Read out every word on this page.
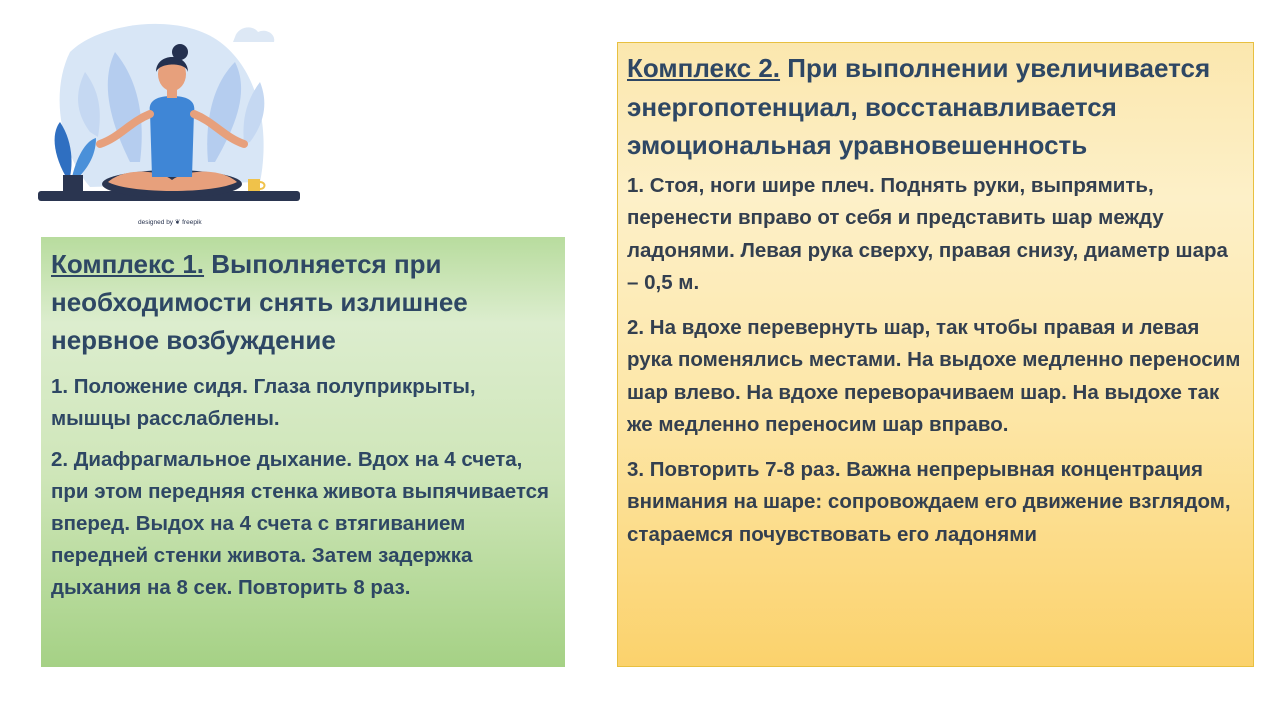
designed by ❦ freepik
Комплекс 1. Выполняется при необходимости снять излишнее нервное возбуждение
1. Положение сидя. Глаза полуприкрыты, мышцы расслаблены.
2. Диафрагмальное дыхание. Вдох на 4 счета, при этом передняя стенка живота выпячивается вперед. Выдох на 4 счета с втягиванием передней стенки живота. Затем задержка дыхания на 8 сек. Повторить 8 раз.
Комплекс 2. При выполнении увеличивается энергопотенциал, восстанавливается эмоциональная уравновешенность
1. Стоя, ноги шире плеч. Поднять руки, выпрямить, перенести вправо от себя и представить шар между ладонями. Левая рука сверху, правая снизу, диаметр шара – 0,5 м.
2. На вдохе перевернуть шар, так чтобы правая и левая рука поменялись местами. На выдохе медленно переносим шар влево. На вдохе переворачиваем шар. На выдохе так же медленно переносим шар вправо.
3. Повторить 7-8 раз. Важна непрерывная концентрация внимания на шаре: сопровождаем его движение взглядом, стараемся почувствовать его ладонями
